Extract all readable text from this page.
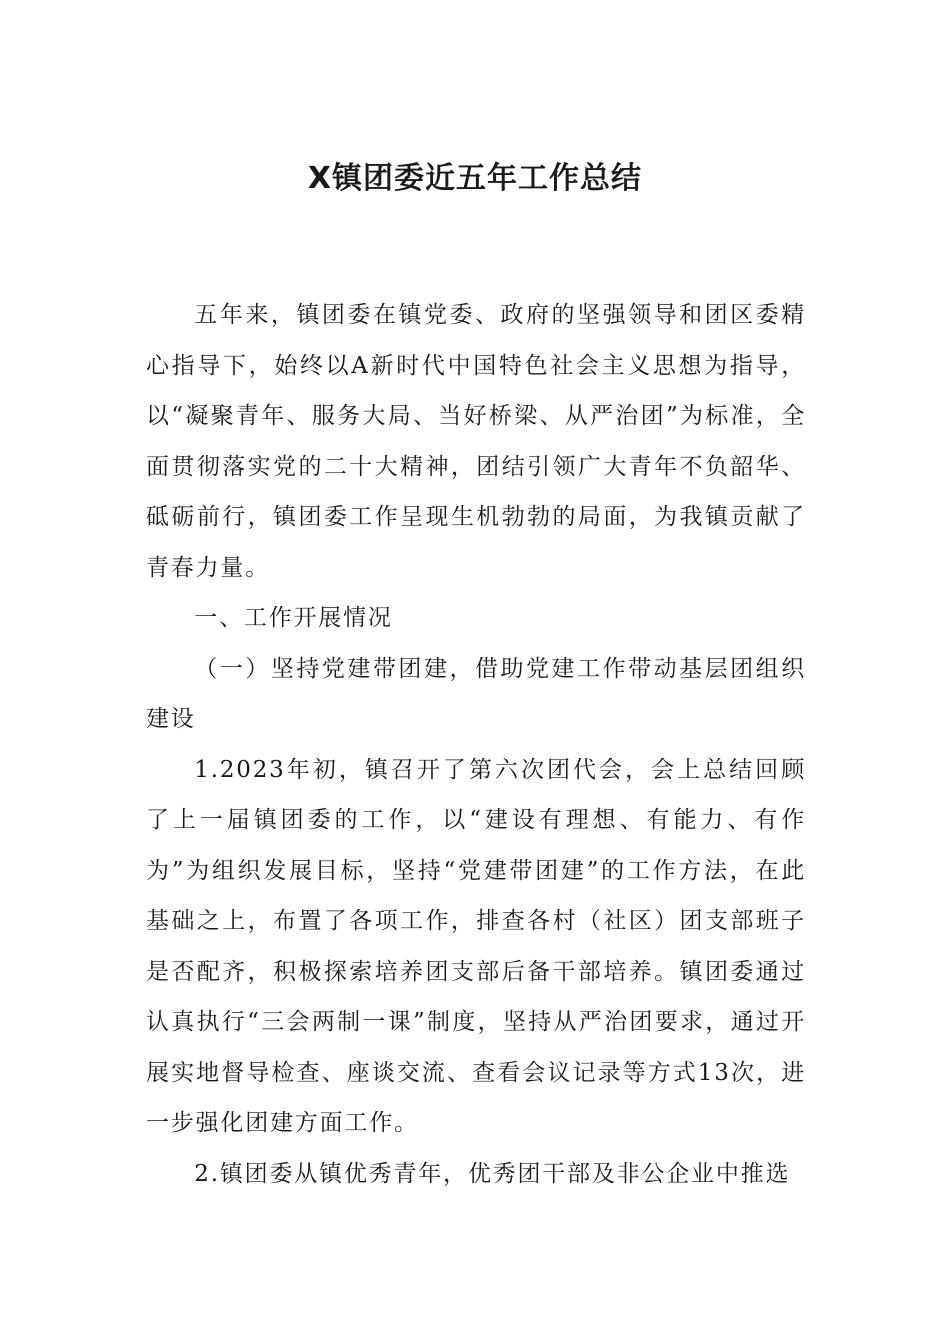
X镇团委近五年工作总结

五年来，镇团委在镇党委、政府的坚强领导和团区委精心指导下，始终以A新时代中国特色社会主义思想为指导，以“凝聚青年、服务大局、当好桥梁、从严治团”为标准，全面贯彻落实党的二十大精神，团结引领广大青年不负韶华、砥砺前行，镇团委工作呈现生机勃勃的局面，为我镇贡献了青春力量。

一、工作开展情况

（一）坚持党建带团建，借助党建工作带动基层团组织建设

1.2023年初，镇召开了第六次团代会，会上总结回顾了上一届镇团委的工作，以“建设有理想、有能力、有作为”为组织发展目标，坚持“党建带团建”的工作方法，在此基础之上，布置了各项工作，排查各村（社区）团支部班子是否配齐，积极探索培养团支部后备干部培养。镇团委通过认真执行“三会两制一课”制度，坚持从严治团要求，通过开展实地督导检查、座谈交流、查看会议记录等方式13次，进一步强化团建方面工作。

2.镇团委从镇优秀青年，优秀团干部及非公企业中推选
